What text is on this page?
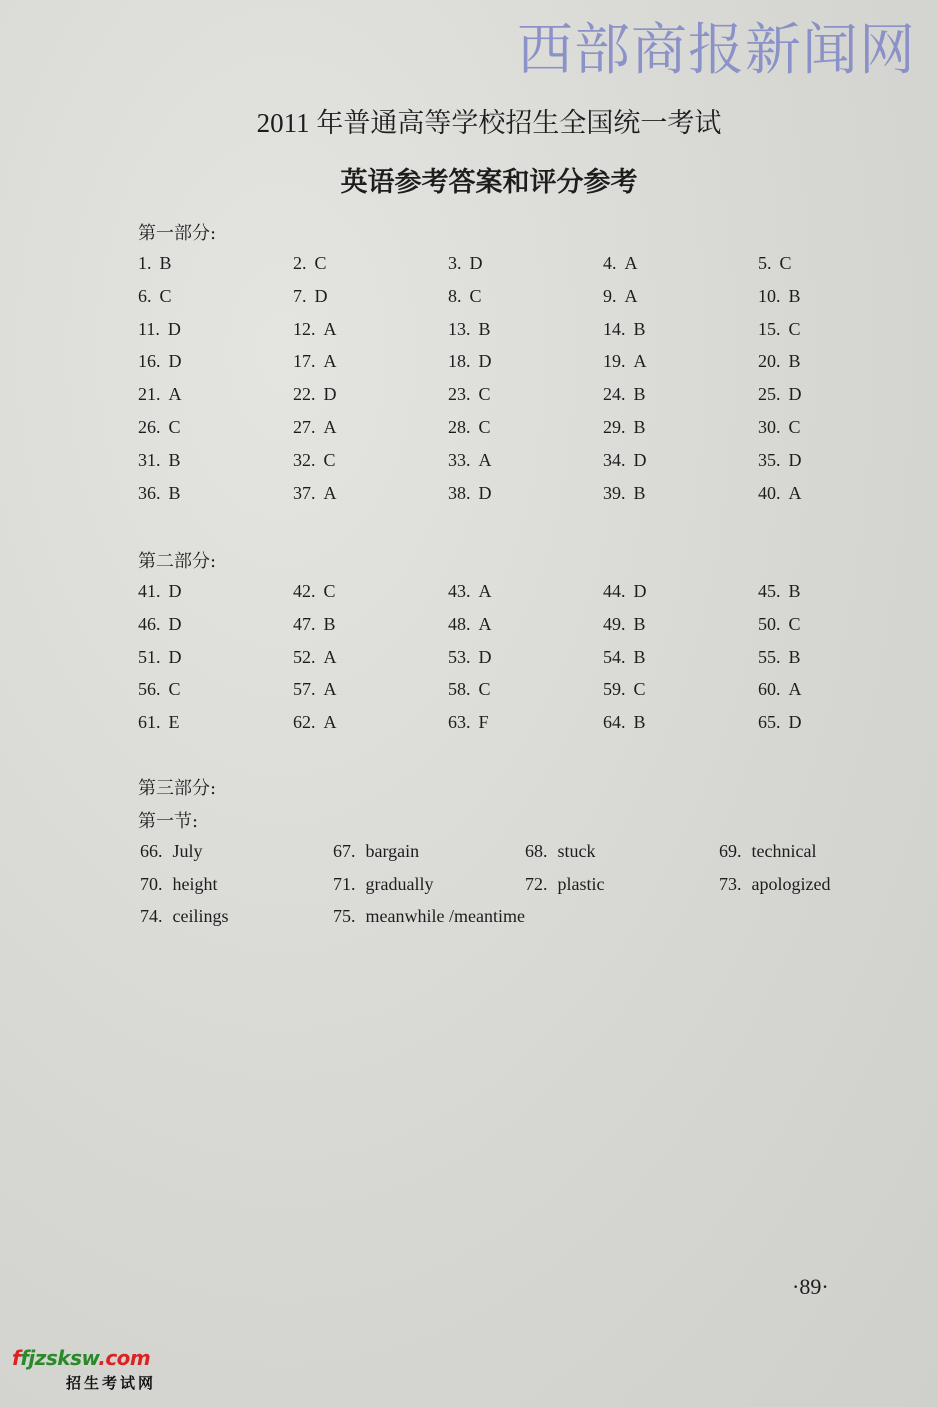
西部商报新闻网
2011 年普通高等学校招生全国统一考试
英语参考答案和评分参考
第一部分:
1. B	2. C	3. D	4. A	5. C
6. C	7. D	8. C	9. A	10. B
11. D	12. A	13. B	14. B	15. C
16. D	17. A	18. D	19. A	20. B
21. A	22. D	23. C	24. B	25. D
26. C	27. A	28. C	29. B	30. C
31. B	32. C	33. A	34. D	35. D
36. B	37. A	38. D	39. B	40. A
第二部分:
41. D	42. C	43. A	44. D	45. B
46. D	47. B	48. A	49. B	50. C
51. D	52. A	53. D	54. B	55. B
56. C	57. A	58. C	59. C	60. A
61. E	62. A	63. F	64. B	65. D
第三部分:
第一节:
66. July	67. bargain	68. stuck	69. technical
70. height	71. gradually	72. plastic	73. apologized
74. ceilings	75. meanwhile /meantime
·89·
ffjzsksw.com
招生考试网
